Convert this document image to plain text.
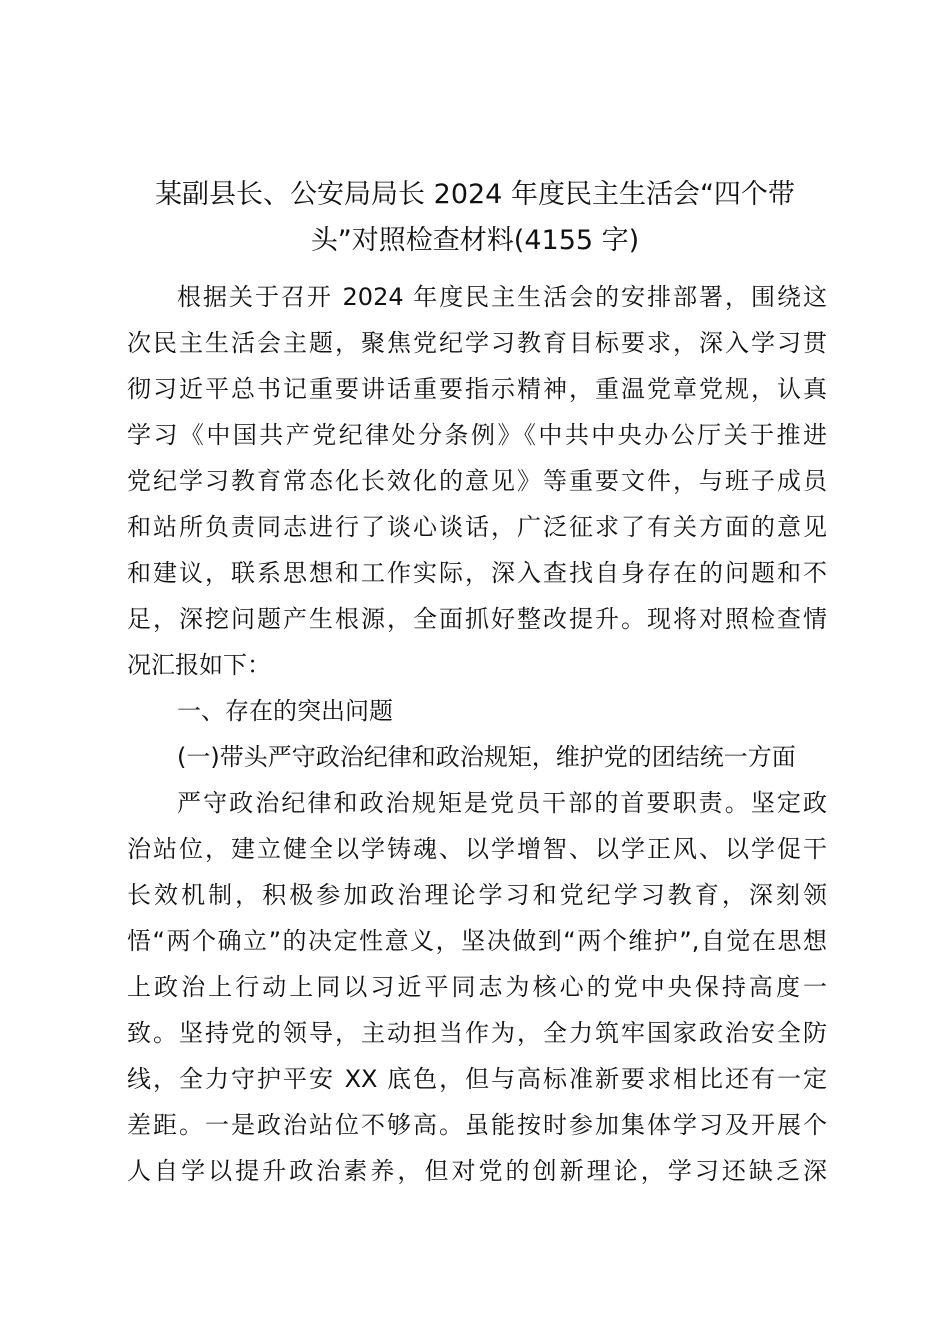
某副县长、公安局局长 2024 年度民主生活会“四个带
头”对照检查材料(4155 字)
根据关于召开 2024 年度民主生活会的安排部署，围绕这
次民主生活会主题，聚焦党纪学习教育目标要求，深入学习贯
彻习近平总书记重要讲话重要指示精神，重温党章党规，认真
学习《中国共产党纪律处分条例》《中共中央办公厅关于推进
党纪学习教育常态化长效化的意见》等重要文件，与班子成员
和站所负责同志进行了谈心谈话，广泛征求了有关方面的意见
和建议，联系思想和工作实际，深入查找自身存在的问题和不
足，深挖问题产生根源，全面抓好整改提升。现将对照检查情
况汇报如下：
一、存在的突出问题
(一)带头严守政治纪律和政治规矩，维护党的团结统一方面
严守政治纪律和政治规矩是党员干部的首要职责。坚定政
治站位，建立健全以学铸魂、以学增智、以学正风、以学促干
长效机制，积极参加政治理论学习和党纪学习教育，深刻领
悟“两个确立”的决定性意义，坚决做到“两个维护”,自觉在思想
上政治上行动上同以习近平同志为核心的党中央保持高度一
致。坚持党的领导，主动担当作为，全力筑牢国家政治安全防
线，全力守护平安 XX 底色，但与高标准新要求相比还有一定
差距。一是政治站位不够高。虽能按时参加集体学习及开展个
人自学以提升政治素养，但对党的创新理论，学习还缺乏深
